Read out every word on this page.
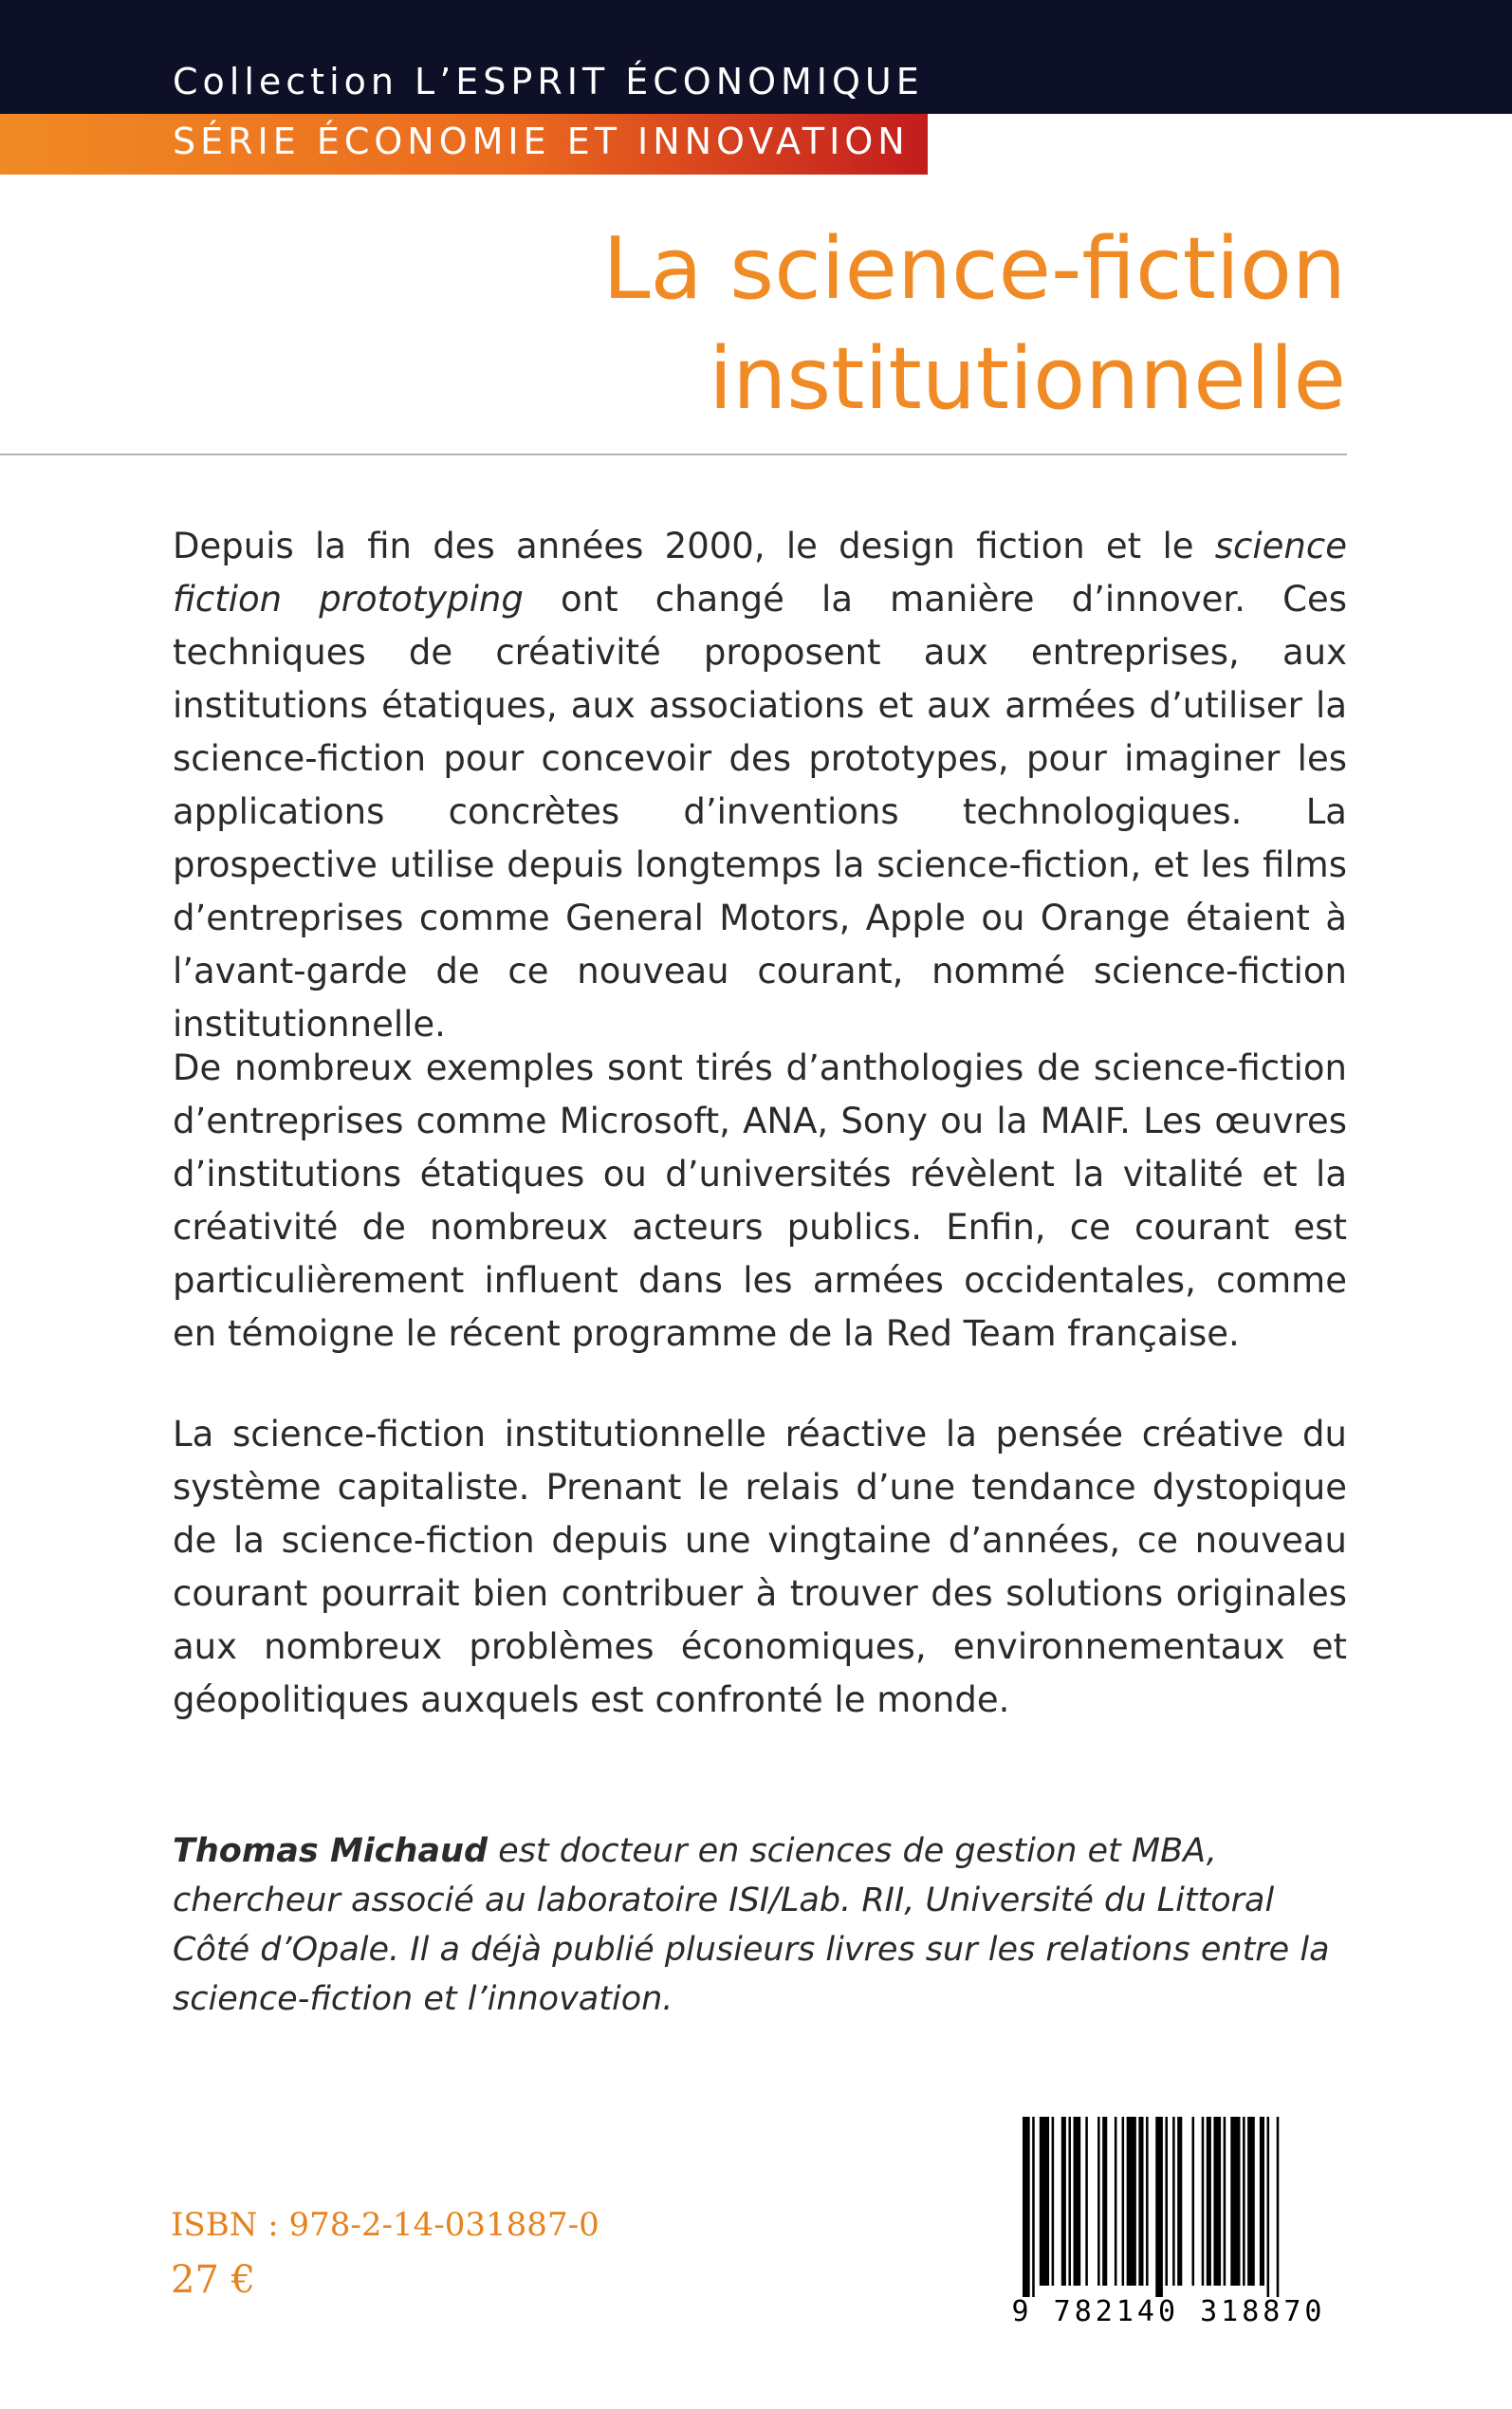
Collection L’ESPRIT ÉCONOMIQUE
SÉRIE ÉCONOMIE ET INNOVATION
La science-fiction
institutionnelle

Depuis la fin des années 2000, le design fiction et le science fiction prototyping ont changé la manière d’innover. Ces techniques de créativité proposent aux entreprises, aux institutions étatiques, aux associations et aux armées d’utiliser la science-fiction pour concevoir des prototypes, pour imaginer les applications concrètes d’inventions technologiques. La prospective utilise depuis longtemps la science-fiction, et les films d’entreprises comme General Motors, Apple ou Orange étaient à l’avant-garde de ce nouveau courant, nommé science-fiction institutionnelle.

De nombreux exemples sont tirés d’anthologies de science-fiction d’entreprises comme Microsoft, ANA, Sony ou la MAIF. Les œuvres d’institutions étatiques ou d’universités révèlent la vitalité et la créativité de nombreux acteurs publics. Enfin, ce courant est particulièrement influent dans les armées occidentales, comme en témoigne le récent programme de la Red Team française.

La science-fiction institutionnelle réactive la pensée créative du système capitaliste. Prenant le relais d’une tendance dystopique de la science-fiction depuis une vingtaine d’années, ce nouveau courant pourrait bien contribuer à trouver des solutions originales aux nombreux problèmes économiques, environnementaux et géopolitiques auxquels est confronté le monde.

Thomas Michaud est docteur en sciences de gestion et MBA, chercheur associé au laboratoire ISI/Lab. RII, Université du Littoral Côté d’Opale. Il a déjà publié plusieurs livres sur les relations entre la science-fiction et l’innovation.

ISBN : 978-2-14-031887-0
27 €
9 782140 318870
